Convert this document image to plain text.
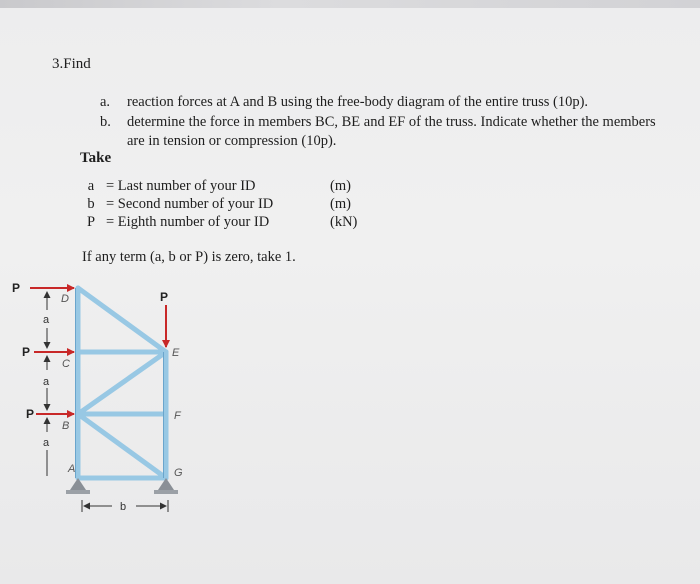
3.Find
a. reaction forces at A and B using the free-body diagram of the entire truss (10p).
b. determine the force in members BC, BE and EF of the truss. Indicate whether the members
are in tension or compression (10p).
Take
a = Last number of your ID	(m)
b = Second number of your ID	(m)
P = Eighth number of your ID	(kN)
If any term (a, b or P) is zero, take 1.
P
P
P
P
D
C
B
A
E
F
G
a
a
a
b
